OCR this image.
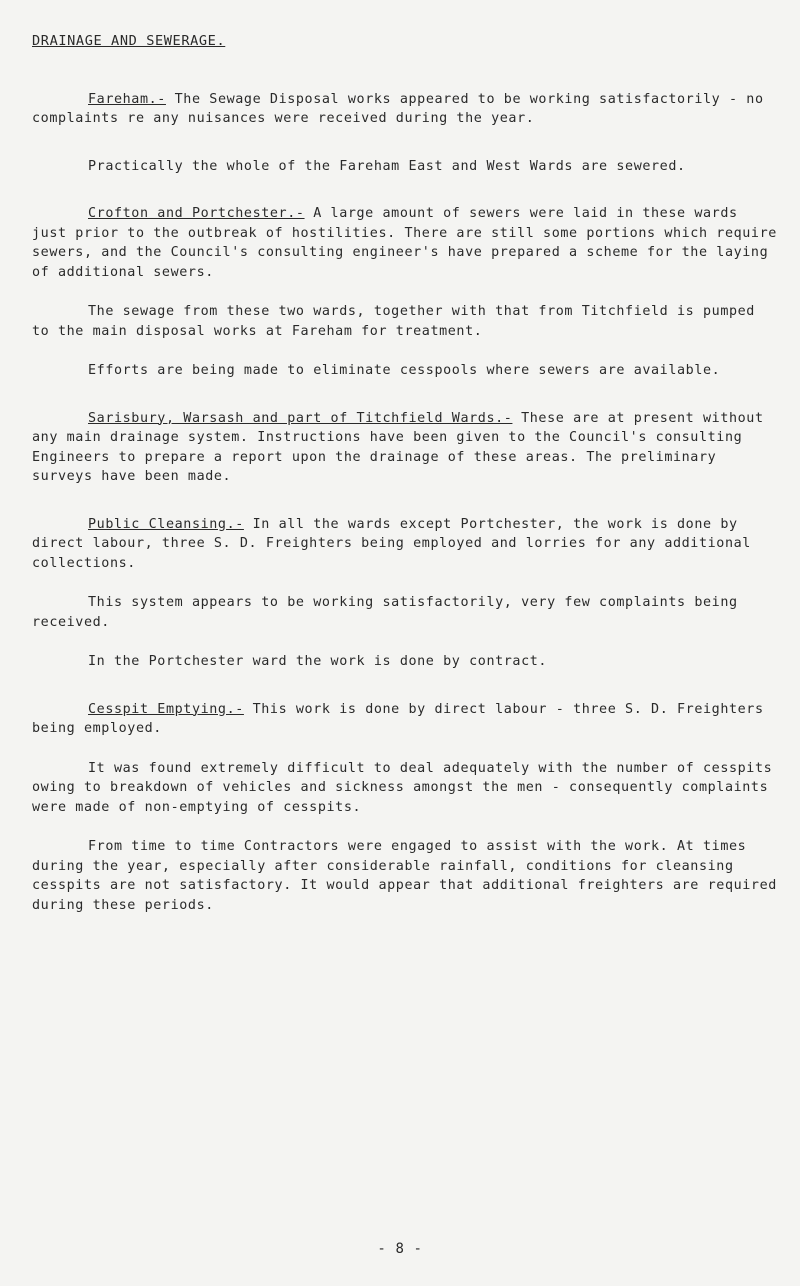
DRAINAGE AND SEWERAGE.

Fareham.- The Sewage Disposal works appeared to be working satisfactorily - no complaints re any nuisances were received during the year.

Practically the whole of the Fareham East and West Wards are sewered.

Crofton and Portchester.- A large amount of sewers were laid in these wards just prior to the outbreak of hostilities. There are still some portions which require sewers, and the Council's consulting engineer's have prepared a scheme for the laying of additional sewers.

The sewage from these two wards, together with that from Titchfield is pumped to the main disposal works at Fareham for treatment.

Efforts are being made to eliminate cesspools where sewers are available.

Sarisbury, Warsash and part of Titchfield Wards.- These are at present without any main drainage system. Instructions have been given to the Council's consulting Engineers to prepare a report upon the drainage of these areas. The preliminary surveys have been made.

Public Cleansing.- In all the wards except Portchester, the work is done by direct labour, three S. D. Freighters being employed and lorries for any additional collections.

This system appears to be working satisfactorily, very few complaints being received.

In the Portchester ward the work is done by contract.

Cesspit Emptying.- This work is done by direct labour - three S. D. Freighters being employed.

It was found extremely difficult to deal adequately with the number of cesspits owing to breakdown of vehicles and sickness amongst the men - consequently complaints were made of non-emptying of cesspits.

From time to time Contractors were engaged to assist with the work. At times during the year, especially after considerable rainfall, conditions for cleansing cesspits are not satisfactory. It would appear that additional freighters are required during these periods.

- 8 -
